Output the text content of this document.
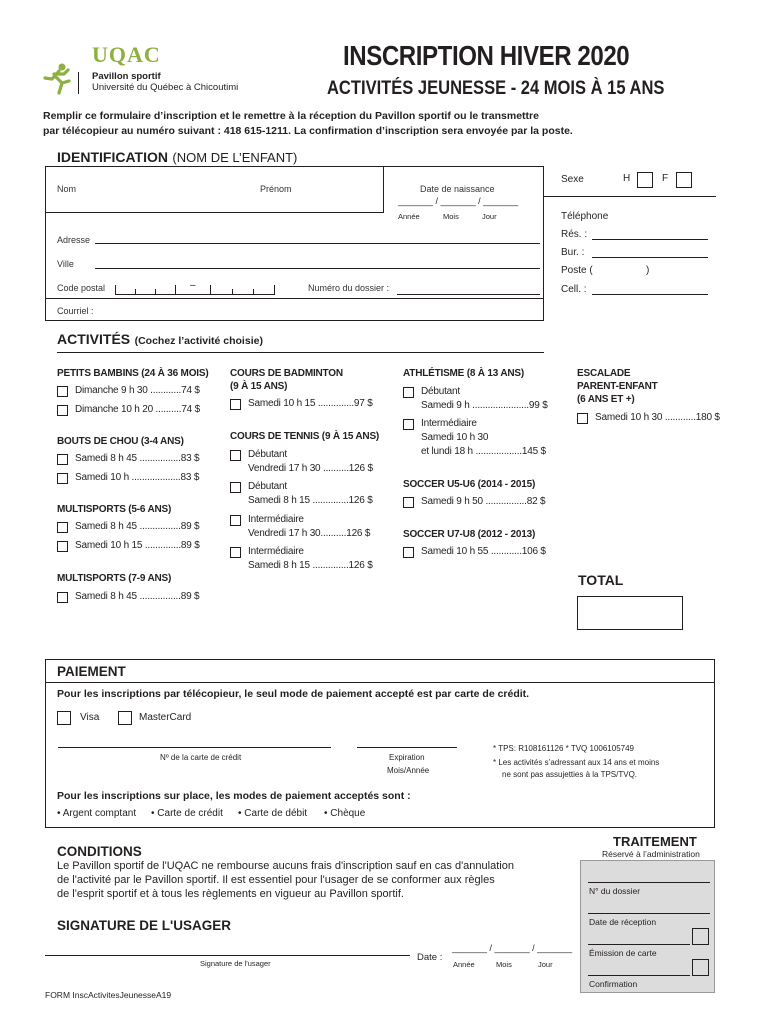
UQAC
Pavillon sportif
Université du Québec à Chicoutimi
INSCRIPTION HIVER 2020
ACTIVITÉS JEUNESSE - 24 MOIS À 15 ANS
Remplir ce formulaire d’inscription et le remettre à la réception du Pavillon sportif ou le transmettre
par télécopieur au numéro suivant : 418 615-1211. La confirmation d’inscription sera envoyée par la poste.
IDENTIFICATION (NOM DE L’ENFANT)
Nom	Prénom	Date de naissance
_______ / _______ / _______
Année	Mois	Jour
Adresse
Ville
Code postal	–	Numéro du dossier :
Courriel :
Sexe	H	F
Téléphone
Rés. :
Bur. :
Poste (	)
Cell. :
ACTIVITÉS (Cochez l’activité choisie)
PETITS BAMBINS (24 À 36 MOIS)
Dimanche 9 h 30 ............74 $
Dimanche 10 h 20 ..........74 $
BOUTS DE CHOU (3-4 ANS)
Samedi 8 h 45 ................83 $
Samedi 10 h ...................83 $
MULTISPORTS (5-6 ANS)
Samedi 8 h 45 ................89 $
Samedi 10 h 15 ..............89 $
MULTISPORTS (7-9 ANS)
Samedi 8 h 45 ................89 $
COURS DE BADMINTON
(9 À 15 ANS)
Samedi 10 h 15 ..............97 $
COURS DE TENNIS (9 À 15 ANS)
Débutant
Vendredi 17 h 30 ..........126 $
Débutant
Samedi 8 h 15 ..............126 $
Intermédiaire
Vendredi 17 h 30..........126 $
Intermédiaire
Samedi 8 h 15 ..............126 $
ATHLÉTISME (8 À 13 ANS)
Débutant
Samedi 9 h ......................99 $
Intermédiaire
Samedi 10 h 30
et lundi 18 h ..................145 $
SOCCER U5-U6 (2014 - 2015)
Samedi 9 h 50 ................82 $
SOCCER U7-U8 (2012 - 2013)
Samedi 10 h 55 ............106 $
ESCALADE
PARENT-ENFANT
(6 ANS ET +)
Samedi 10 h 30 ............180 $
TOTAL
PAIEMENT
Pour les inscriptions par télécopieur, le seul mode de paiement accepté est par carte de crédit.
Visa	MasterCard
Nº de la carte de crédit	Expiration
Mois/Année
* TPS: R108161126 * TVQ 1006105749
* Les activités s’adressant aux 14 ans et moins
ne sont pas assujetties à la TPS/TVQ.
Pour les inscriptions sur place, les modes de paiement acceptés sont :
• Argent comptant • Carte de crédit • Carte de débit • Chèque
CONDITIONS
Le Pavillon sportif de l'UQAC ne rembourse aucuns frais d'inscription sauf en cas d'annulation
de l'activité par le Pavillon sportif. Il est essentiel pour l'usager de se conformer aux règles
de l'esprit sportif et à tous les règlements en vigueur au Pavillon sportif.
SIGNATURE DE L'USAGER
Signature de l'usager
Date :
_______ / _______ / _______
Année	Mois	Jour
TRAITEMENT
Réservé à l’administration
N° du dossier
Date de réception
Émission de carte
Confirmation
FORM InscActivitesJeunesseA19
